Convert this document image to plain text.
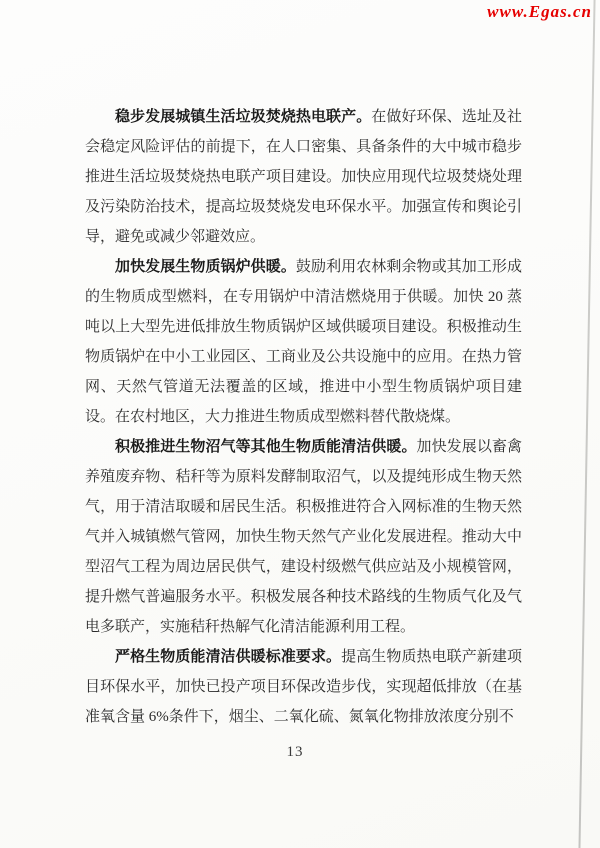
www.Egas.cn

稳步发展城镇生活垃圾焚烧热电联产。在做好环保、选址及社会稳定风险评估的前提下，在人口密集、具备条件的大中城市稳步推进生活垃圾焚烧热电联产项目建设。加快应用现代垃圾焚烧处理及污染防治技术，提高垃圾焚烧发电环保水平。加强宣传和舆论引导，避免或减少邻避效应。

加快发展生物质锅炉供暖。鼓励利用农林剩余物或其加工形成的生物质成型燃料，在专用锅炉中清洁燃烧用于供暖。加快 20 蒸吨以上大型先进低排放生物质锅炉区域供暖项目建设。积极推动生物质锅炉在中小工业园区、工商业及公共设施中的应用。在热力管网、天然气管道无法覆盖的区域，推进中小型生物质锅炉项目建设。在农村地区，大力推进生物质成型燃料替代散烧煤。

积极推进生物沼气等其他生物质能清洁供暖。加快发展以畜禽养殖废弃物、秸秆等为原料发酵制取沼气，以及提纯形成生物天然气，用于清洁取暖和居民生活。积极推进符合入网标准的生物天然气并入城镇燃气管网，加快生物天然气产业化发展进程。推动大中型沼气工程为周边居民供气，建设村级燃气供应站及小规模管网，提升燃气普遍服务水平。积极发展各种技术路线的生物质气化及气电多联产，实施秸秆热解气化清洁能源利用工程。

严格生物质能清洁供暖标准要求。提高生物质热电联产新建项目环保水平，加快已投产项目环保改造步伐，实现超低排放（在基准氧含量 6%条件下，烟尘、二氧化硫、氮氧化物排放浓度分别不

13
